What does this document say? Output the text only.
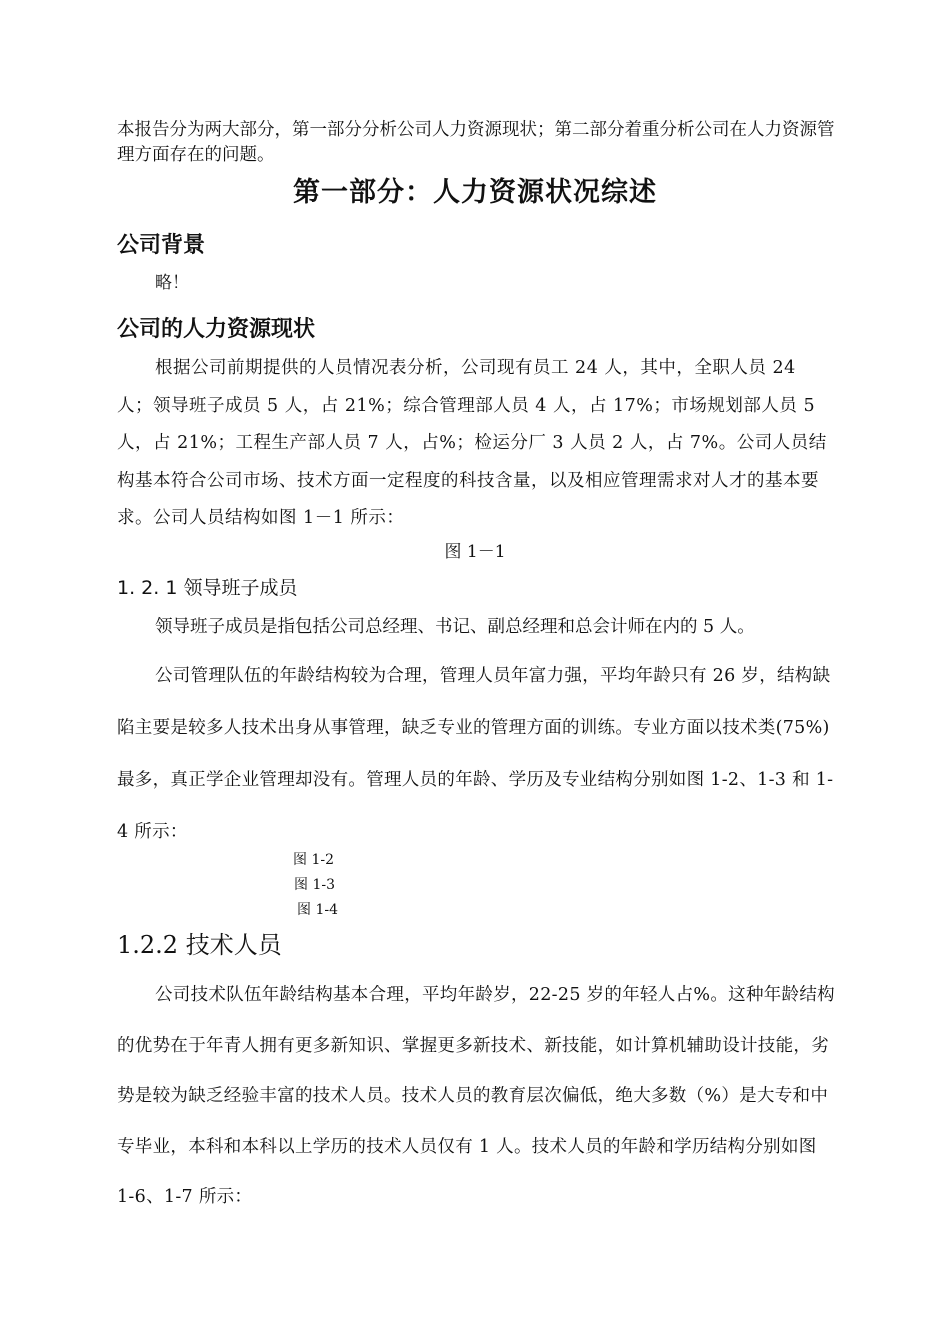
本报告分为两大部分，第一部分分析公司人力资源现状；第二部分着重分析公司在人力资源管理方面存在的问题。

第一部分：人力资源状况综述
公司背景

略！

公司的人力资源现状

根据公司前期提供的人员情况表分析，公司现有员工 24 人，其中，全职人员 24 人；领导班子成员 5 人，占 21%；综合管理部人员 4 人，占 17%；市场规划部人员 5 人，占 21%；工程生产部人员 7 人，占%；检运分厂 3 人员 2 人，占 7%。公司人员结构基本符合公司市场、技术方面一定程度的科技含量，以及相应管理需求对人才的基本要求。公司人员结构如图 1－1 所示：

图 1－1
1. 2. 1 领导班子成员

领导班子成员是指包括公司总经理、书记、副总经理和总会计师在内的 5 人。

公司管理队伍的年龄结构较为合理，管理人员年富力强，平均年龄只有 26 岁，结构缺陷主要是较多人技术出身从事管理，缺乏专业的管理方面的训练。专业方面以技术类(75%)最多，真正学企业管理却没有。管理人员的年龄、学历及专业结构分别如图 1-2、1-3 和 1-4 所示：

图 1-2
图 1-3
图 1-4
1.2.2 技术人员

公司技术队伍年龄结构基本合理，平均年龄岁，22-25 岁的年轻人占%。这种年龄结构的优势在于年青人拥有更多新知识、掌握更多新技术、新技能，如计算机辅助设计技能，劣势是较为缺乏经验丰富的技术人员。技术人员的教育层次偏低，绝大多数（%）是大专和中专毕业，本科和本科以上学历的技术人员仅有 1 人。技术人员的年龄和学历结构分别如图 1-6、1-7 所示：
